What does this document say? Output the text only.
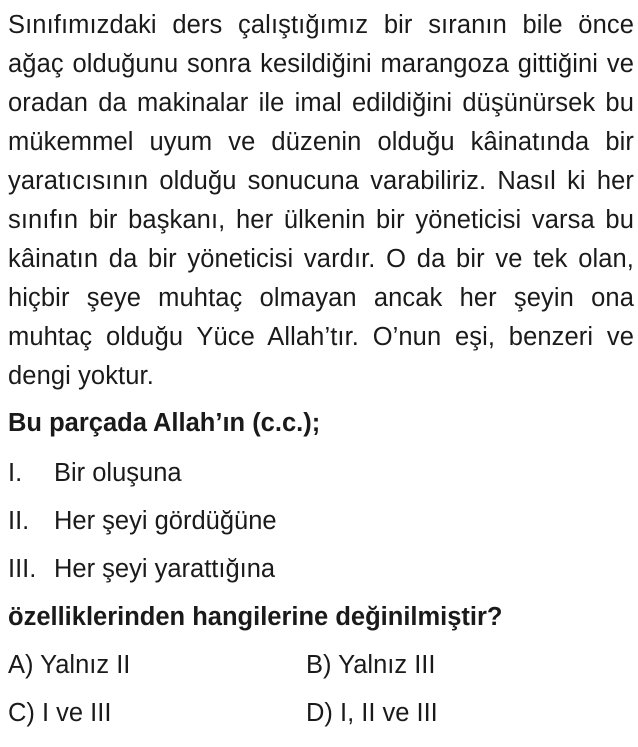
Sınıfımızdaki ders çalıştığımız bir sıranın bile önce ağaç olduğunu sonra kesildiğini marangoza gittiğini ve oradan da makinalar ile imal edildiğini düşünürsek bu mükemmel uyum ve düzenin olduğu kâinatında bir yaratıcısının olduğu sonucuna varabiliriz. Nasıl ki her sınıfın bir başkanı, her ülkenin bir yöneticisi varsa bu kâinatın da bir yöneticisi vardır. O da bir ve tek olan, hiçbir şeye muhtaç olmayan ancak her şeyin ona muhtaç olduğu Yüce Allah’tır. O’nun eşi, benzeri ve dengi yoktur.

Bu parçada Allah’ın (c.c.);

I.	Bir oluşuna
II. Her şeyi gördüğüne
III. Her şeyi yarattığına

özelliklerinden hangilerine değinilmiştir?

A) Yalnız II	B) Yalnız III
C) I ve III	D) I, II ve III
